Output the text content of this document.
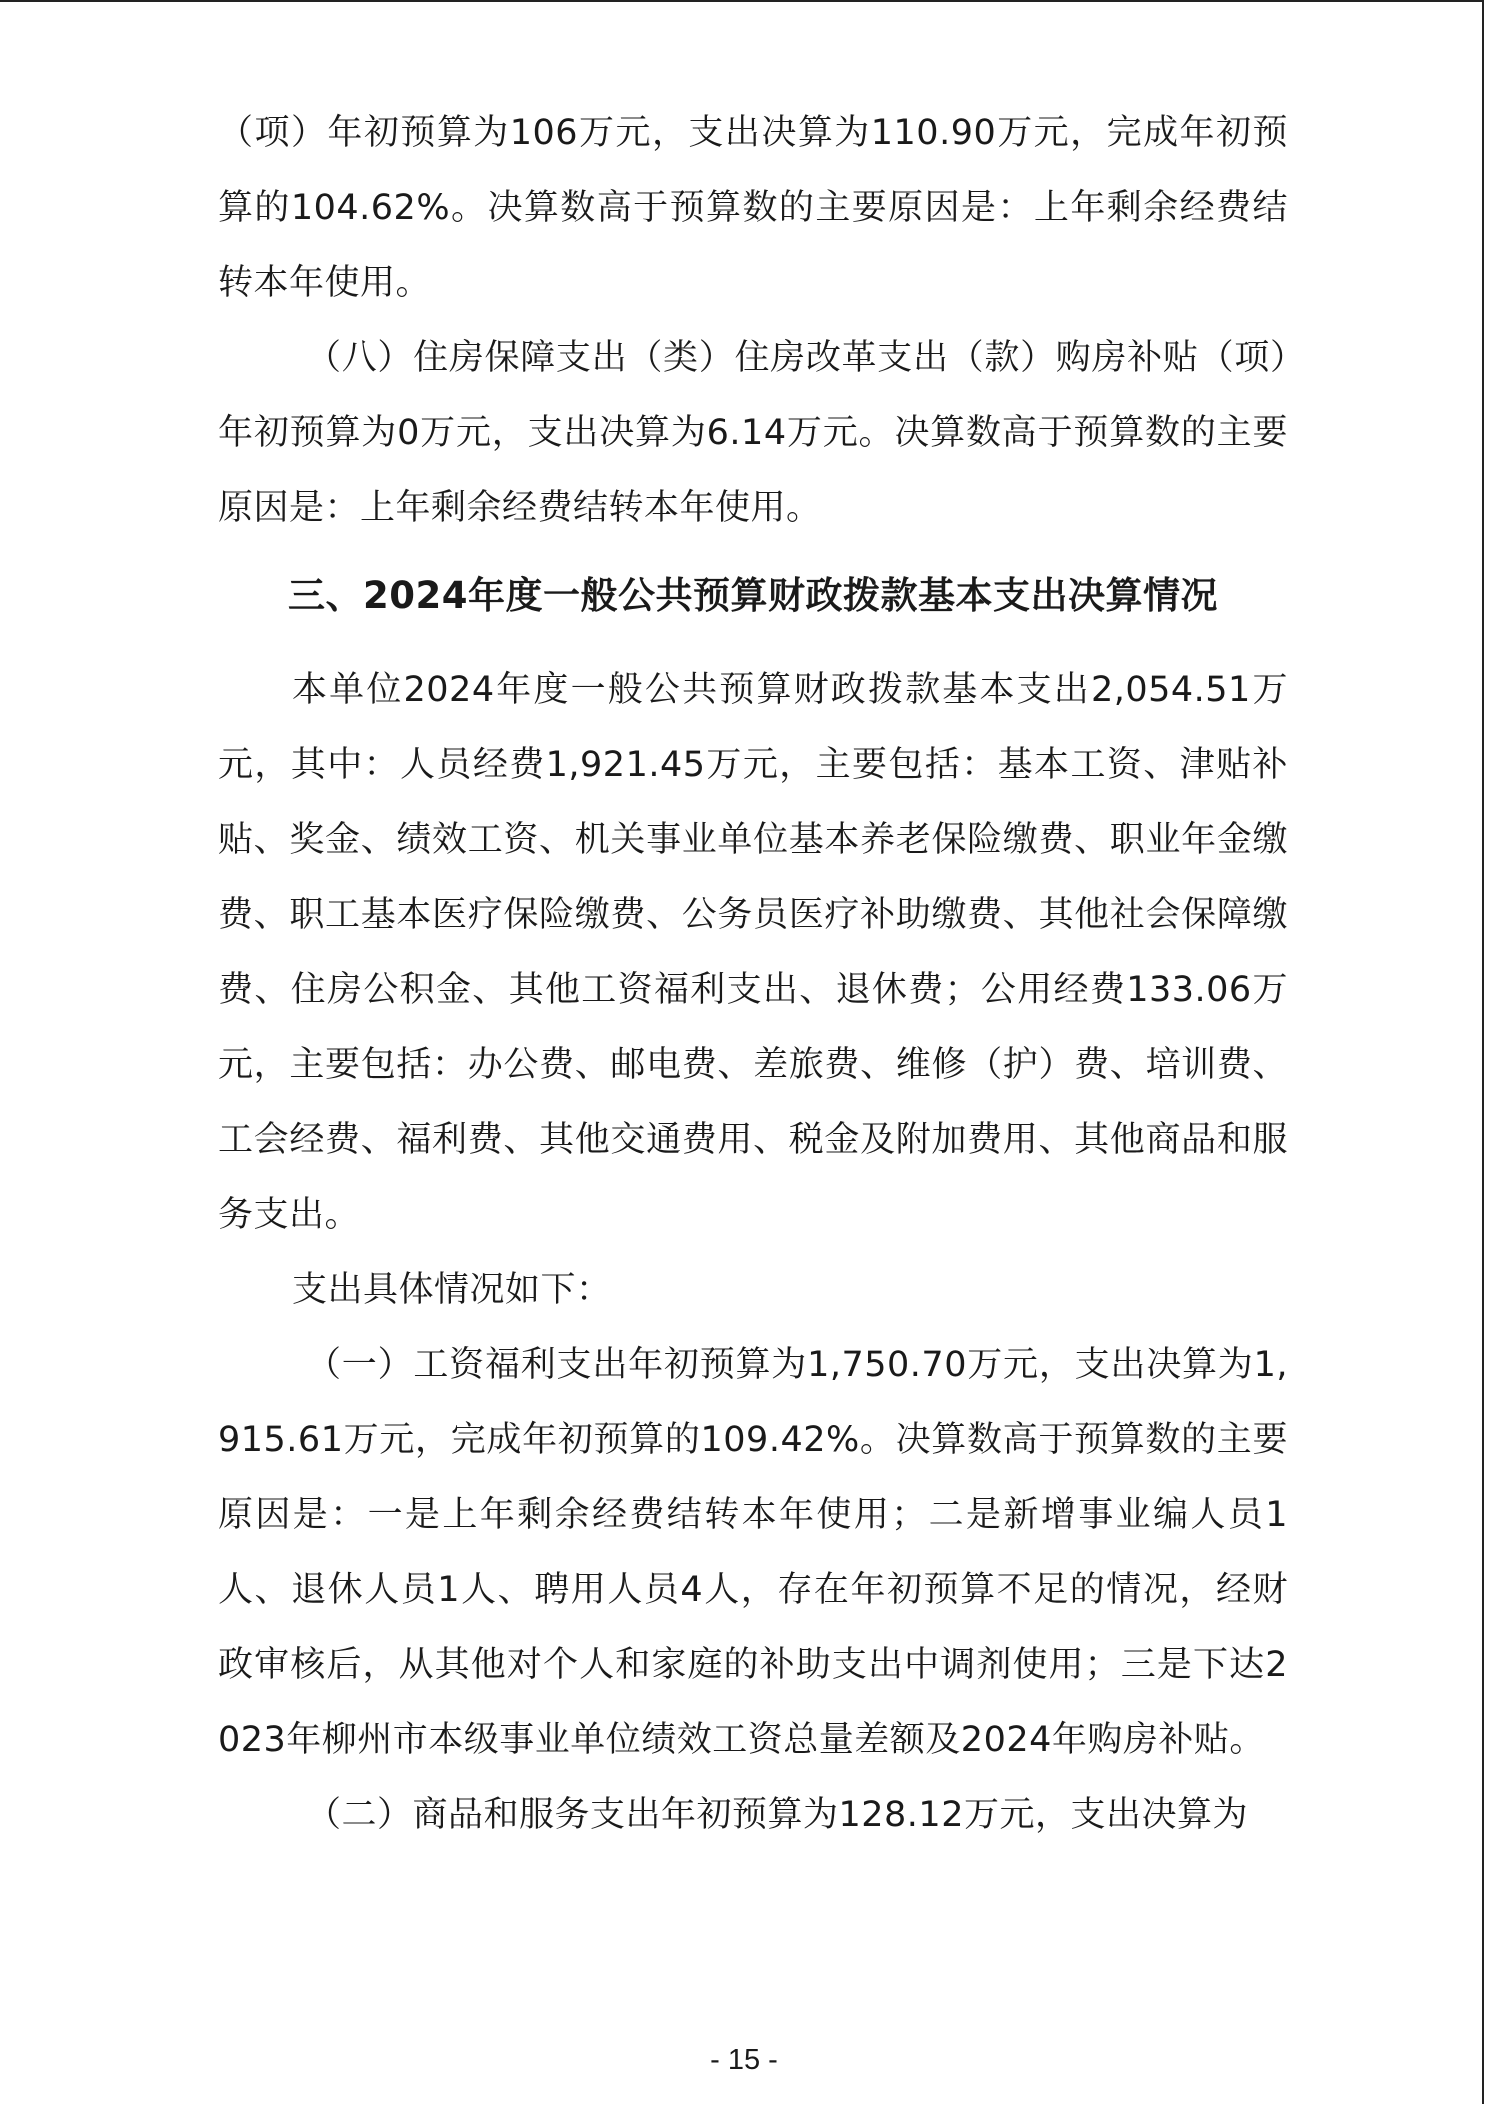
（项）年初预算为106万元，支出决算为110.90万元，完成年初预算的104.62%。决算数高于预算数的主要原因是：上年剩余经费结转本年使用。

（八）住房保障支出（类）住房改革支出（款）购房补贴（项）年初预算为0万元，支出决算为6.14万元。决算数高于预算数的主要原因是：上年剩余经费结转本年使用。

三、2024年度一般公共预算财政拨款基本支出决算情况

本单位2024年度一般公共预算财政拨款基本支出2,054.51万元，其中：人员经费1,921.45万元，主要包括：基本工资、津贴补贴、奖金、绩效工资、机关事业单位基本养老保险缴费、职业年金缴费、职工基本医疗保险缴费、公务员医疗补助缴费、其他社会保障缴费、住房公积金、其他工资福利支出、退休费；公用经费133.06万元，主要包括：办公费、邮电费、差旅费、维修（护）费、培训费、工会经费、福利费、其他交通费用、税金及附加费用、其他商品和服务支出。

支出具体情况如下：

（一）工资福利支出年初预算为1,750.70万元，支出决算为1,915.61万元，完成年初预算的109.42%。决算数高于预算数的主要原因是：一是上年剩余经费结转本年使用；二是新增事业编人员1人、退休人员1人、聘用人员4人，存在年初预算不足的情况，经财政审核后，从其他对个人和家庭的补助支出中调剂使用；三是下达2023年柳州市本级事业单位绩效工资总量差额及2024年购房补贴。

（二）商品和服务支出年初预算为128.12万元，支出决算为

- 15 -
